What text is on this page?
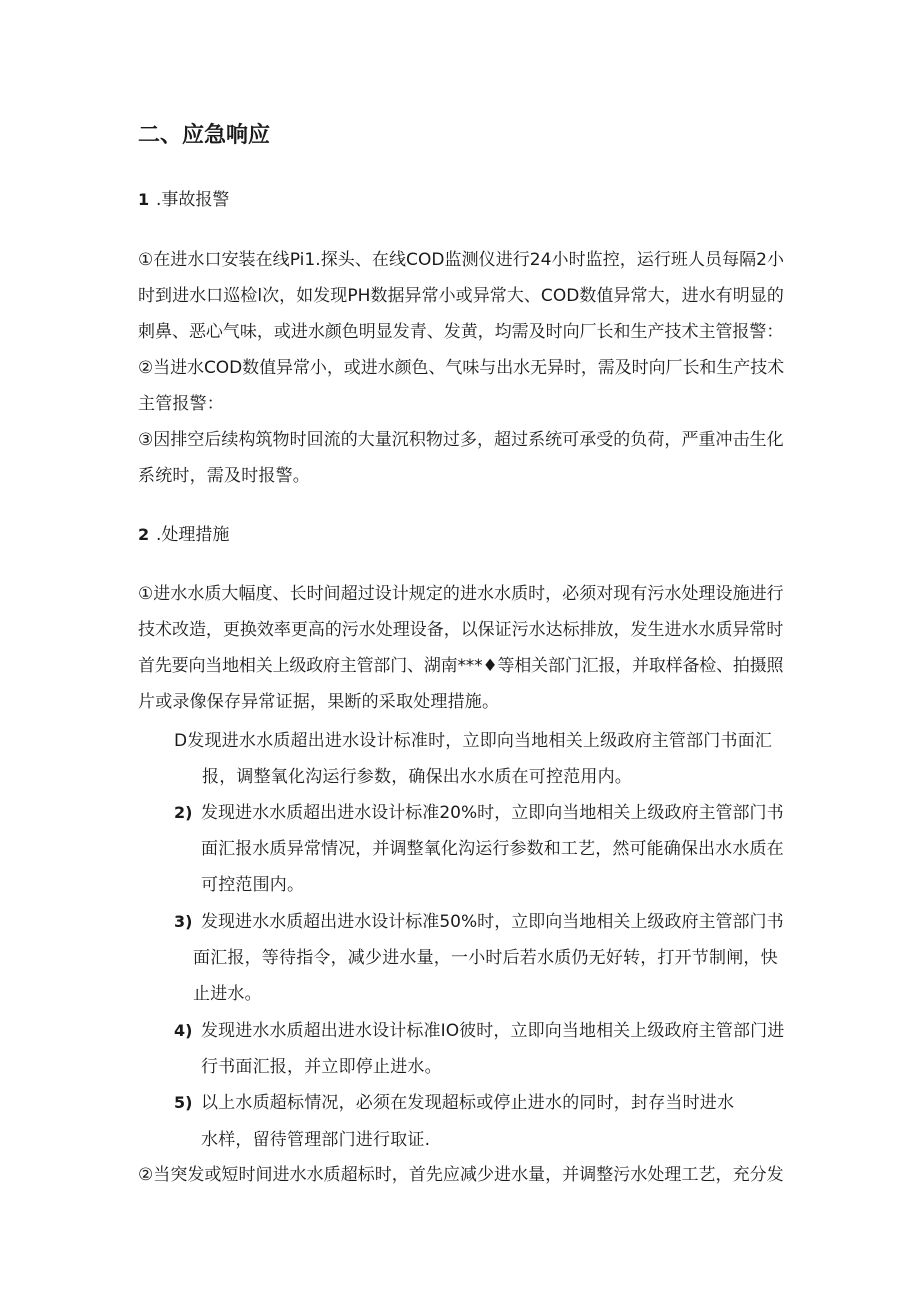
二、应急响应
1 .事故报警
①在进水口安装在线Pi1.探头、在线COD监测仪进行24小时监控，运行班人员每隔2小
时到进水口巡检l次，如发现PH数据异常小或异常大、COD数值异常大，进水有明显的
刺鼻、恶心气味，或进水颜色明显发青、发黄，均需及时向厂长和生产技术主管报警：
②当进水COD数值异常小，或进水颜色、气味与出水无异时，需及时向厂长和生产技术
主管报警：
③因排空后续构筑物时回流的大量沉积物过多，超过系统可承受的负荷，严重冲击生化
系统时，需及时报警。
2 .处理措施
①进水水质大幅度、长时间超过设计规定的进水水质时，必须对现有污水处理设施进行
技术改造，更换效率更高的污水处理设备，以保证污水达标排放，发生进水水质异常时
首先要向当地相关上级政府主管部门、湖南***♦等相关部门汇报，并取样备检、拍摄照
片或录像保存异常证据，果断的采取处理措施。
D发现进水水质超出进水设计标准时，立即向当地相关上级政府主管部门书面汇
报，调整氧化沟运行参数，确保出水水质在可控范用内。
2) 发现进水水质超出进水设计标准20%时，立即向当地相关上级政府主管部门书
面汇报水质异常情况，并调整氧化沟运行参数和工艺，然可能确保出水水质在
可控范围内。
3) 发现进水水质超出进水设计标准50%时，立即向当地相关上级政府主管部门书
面汇报，等待指令，减少进水量，一小时后若水质仍无好转，打开节制闸，快
止进水。
4) 发现进水水质超出进水设计标准IO彼时，立即向当地相关上级政府主管部门进
行书面汇报，并立即停止进水。
5) 以上水质超标情况，必须在发现超标或停止进水的同时，封存当时进水
水样，留待管理部门进行取证.
②当突发或短时间进水水质超标时，首先应减少进水量，并调整污水处理工艺，充分发
